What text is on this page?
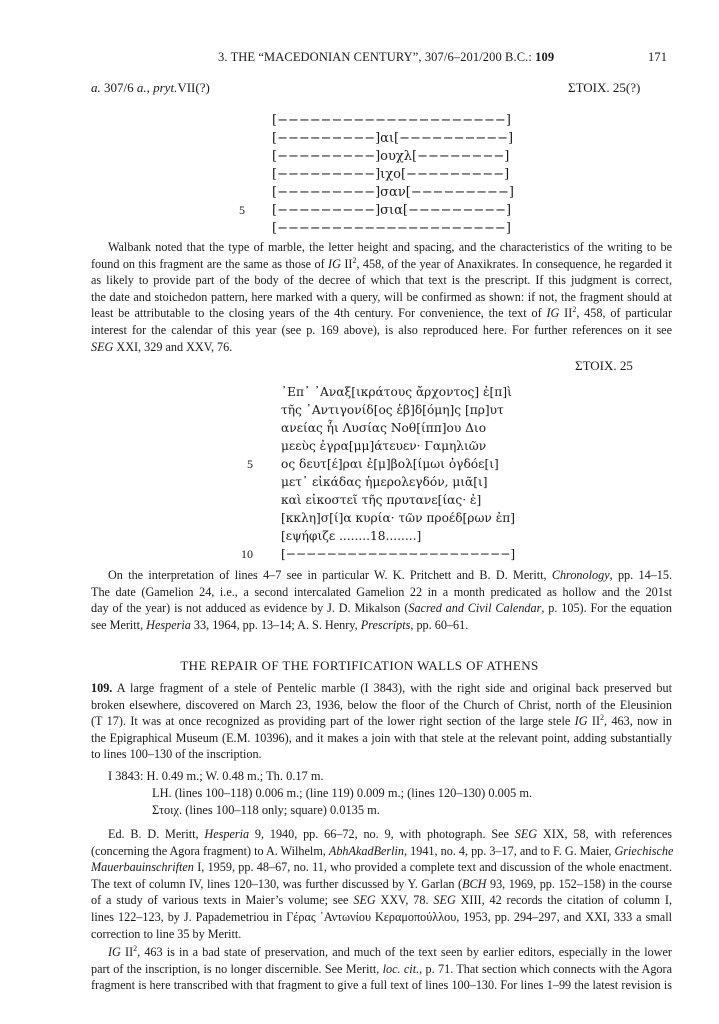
3. THE “MACEDONIAN CENTURY”, 307/6–201/200 B.C.: 109	171
a. 307/6 a., pryt.VII(?)	ΣΤΟΙΧ. 25(?)
[−−−−−−−−−−−−−−−−−−−−−]
[−−−−−−−−−]αι[−−−−−−−−−−]
[−−−−−−−−−]ουχλ[−−−−−−−−]
[−−−−−−−−−]ιχο[−−−−−−−−−]
[−−−−−−−−−]σαν[−−−−−−−−−]
[−−−−−−−−−]σια[−−−−−−−−−]
[−−−−−−−−−−−−−−−−−−−−−]
5
Walbank noted that the type of marble, the letter height and spacing, and the characteristics of the writing to be
found on this fragment are the same as those of IG $II^2$, 458, of the year of Anaxikrates. In consequence, he regarded it
as likely to provide part of the body of the decree of which that text is the prescript. If this judgment is correct,
the date and stoichedon pattern, here marked with a query, will be confirmed as shown: if not, the fragment should at
least be attributable to the closing years of the 4th century. For convenience, the text of IG $II^2$, 458, of particular
interest for the calendar of this year (see p. 169 above), is also reproduced here. For further references on it see
SEG XXI, 329 and XXV, 76.
ΣΤΟΙΧ. 25
᾿Επ᾿ ᾿Αναξ[ικράτους ἄρχοντος] ἐ[π]ὶ
τῆς ᾿Αντιγονίδ[ος ἑβ]δ[όμη]ς [πρ]υτ
ανείας ἧι Λυσίας Νοθ[ίππ]ου Διο
μεεὺς ἐγρα[μμ]άτευεν· Γαμηλιῶν
ος δευτ[έ]ραι ἐ[μ]βολ[ίμωι ὀγδόε[ι]
μετ᾿ εἰκάδας ἡμερολεγδόν, μιᾶ[ι]
καὶ εἰκοστεῖ τῆς πρυτανε[ίας· ἐ]
[κκλη]σ[ί]α κυρία· τῶν προέδ[ρων ἐπ]
[εψήφιζε ........18........]
[−−−−−−−−−−−−−−−−−−−−−−]
5
10
On the interpretation of lines 4–7 see in particular W. K. Pritchett and B. D. Meritt, Chronology, pp. 14–15.
The date (Gamelion 24, i.e., a second intercalated Gamelion 22 in a month predicated as hollow and the 201st
day of the year) is not adduced as evidence by J. D. Mikalson (Sacred and Civil Calendar, p. 105). For the equation
see Meritt, Hesperia 33, 1964, pp. 13–14; A. S. Henry, Prescripts, pp. 60–61.
THE REPAIR OF THE FORTIFICATION WALLS OF ATHENS
109. A large fragment of a stele of Pentelic marble (I 3843), with the right side and original back preserved but
broken elsewhere, discovered on March 23, 1936, below the floor of the Church of Christ, north of the Eleusinion
(T 17). It was at once recognized as providing part of the lower right section of the large stele IG $II^2$, 463, now in
the Epigraphical Museum (E.M. 10396), and it makes a join with that stele at the relevant point, adding substantially
to lines 100–130 of the inscription.
I 3843: H. 0.49 m.; W. 0.48 m.; Th. 0.17 m.
LH. (lines 100–118) 0.006 m.; (line 119) 0.009 m.; (lines 120–130) 0.005 m.
Στοιχ. (lines 100–118 only; square) 0.0135 m.
Ed. B. D. Meritt, Hesperia 9, 1940, pp. 66–72, no. 9, with photograph. See SEG XIX, 58, with references
(concerning the Agora fragment) to A. Wilhelm, AbhAkadBerlin, 1941, no. 4, pp. 3–17, and to F. G. Maier, Griechische
Mauerbauinschriften I, 1959, pp. 48–67, no. 11, who provided a complete text and discussion of the whole enactment.
The text of column IV, lines 120–130, was further discussed by Y. Garlan (BCH 93, 1969, pp. 152–158) in the course
of a study of various texts in Maier’s volume; see SEG XXV, 78. SEG XIII, 42 records the citation of column I,
lines 122–123, by J. Papademetriou in Γέρας ᾿Αντωνίου Κεραμοπούλλου, 1953, pp. 294–297, and XXI, 333 a small
correction to line 35 by Meritt.
IG $II^2$, 463 is in a bad state of preservation, and much of the text seen by earlier editors, especially in the lower
part of the inscription, is no longer discernible. See Meritt, loc. cit., p. 71. That section which connects with the Agora
fragment is here transcribed with that fragment to give a full text of lines 100–130. For lines 1–99 the latest revision is
